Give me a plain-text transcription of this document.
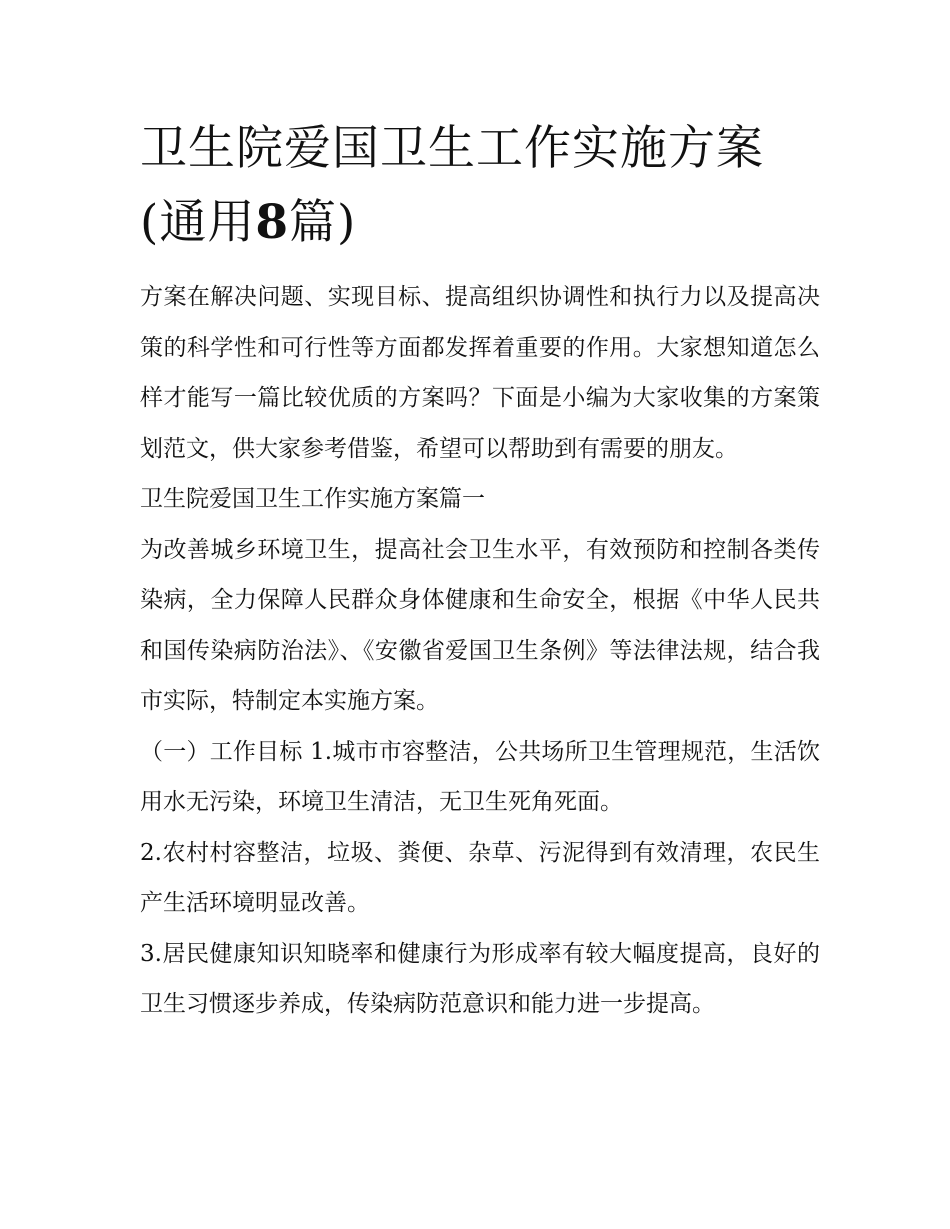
卫生院爱国卫生工作实施方案
(通用8篇)

方案在解决问题、实现目标、提高组织协调性和执行力以及提高决策的科学性和可行性等方面都发挥着重要的作用。大家想知道怎么样才能写一篇比较优质的方案吗？下面是小编为大家收集的方案策划范文，供大家参考借鉴，希望可以帮助到有需要的朋友。

卫生院爱国卫生工作实施方案篇一

为改善城乡环境卫生，提高社会卫生水平，有效预防和控制各类传染病，全力保障人民群众身体健康和生命安全，根据《中华人民共和国传染病防治法》、《安徽省爱国卫生条例》等法律法规，结合我市实际，特制定本实施方案。

（一）工作目标 1.城市市容整洁，公共场所卫生管理规范，生活饮用水无污染，环境卫生清洁，无卫生死角死面。

2.农村村容整洁，垃圾、粪便、杂草、污泥得到有效清理，农民生产生活环境明显改善。

3.居民健康知识知晓率和健康行为形成率有较大幅度提高，良好的卫生习惯逐步养成，传染病防范意识和能力进一步提高。
